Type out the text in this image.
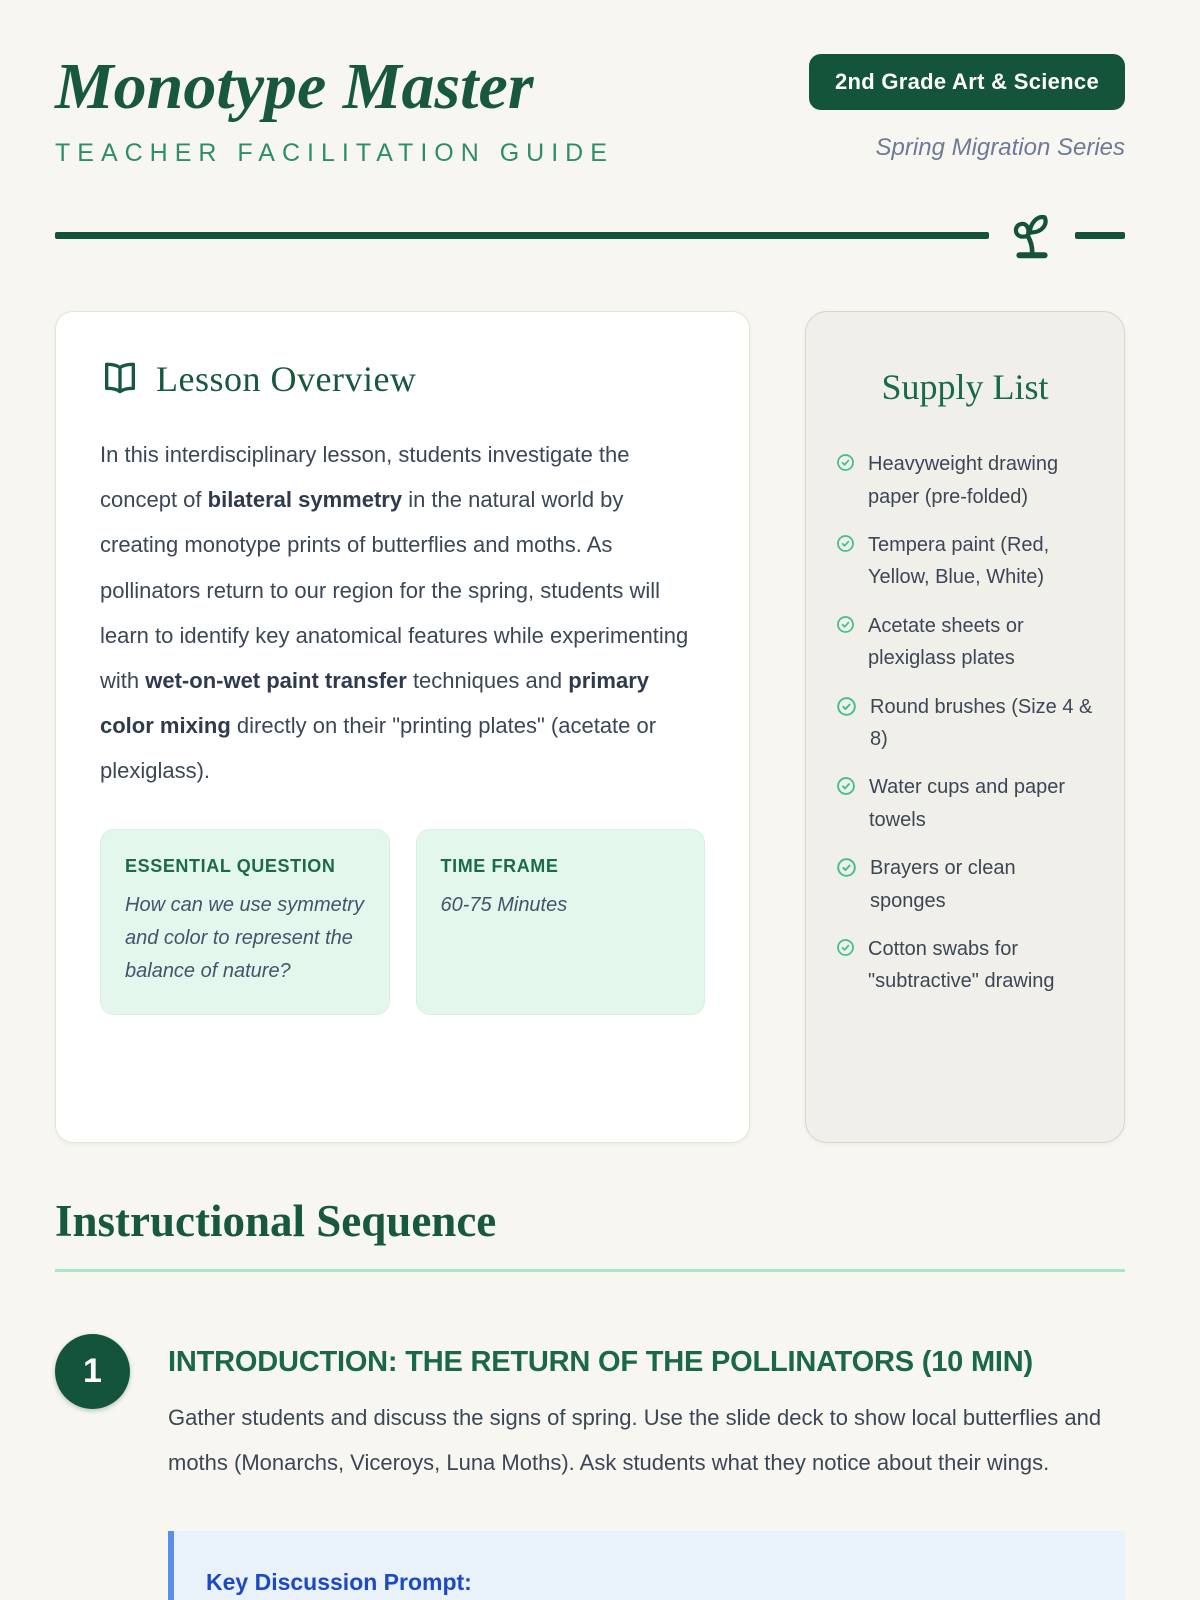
Monotype Master
TEACHER FACILITATION GUIDE
2nd Grade Art & Science
Spring Migration Series
Lesson Overview

In this interdisciplinary lesson, students investigate the concept of bilateral symmetry in the natural world by creating monotype prints of butterflies and moths. As pollinators return to our region for the spring, students will learn to identify key anatomical features while experimenting with wet-on-wet paint transfer techniques and primary color mixing directly on their "printing plates" (acetate or plexiglass).

ESSENTIAL QUESTION
How can we use symmetry and color to represent the balance of nature?
TIME FRAME
60-75 Minutes
Supply List
Heavyweight drawing paper (pre-folded)
Tempera paint (Red, Yellow, Blue, White)
Acetate sheets or plexiglass plates
Round brushes (Size 4 & 8)
Water cups and paper towels
Brayers or clean sponges
Cotton swabs for "subtractive" drawing
Instructional Sequence
1	INTRODUCTION: THE RETURN OF THE POLLINATORS (10 MIN)
Gather students and discuss the signs of spring. Use the slide deck to show local butterflies and moths (Monarchs, Viceroys, Luna Moths). Ask students what they notice about their wings.
Key Discussion Prompt:
